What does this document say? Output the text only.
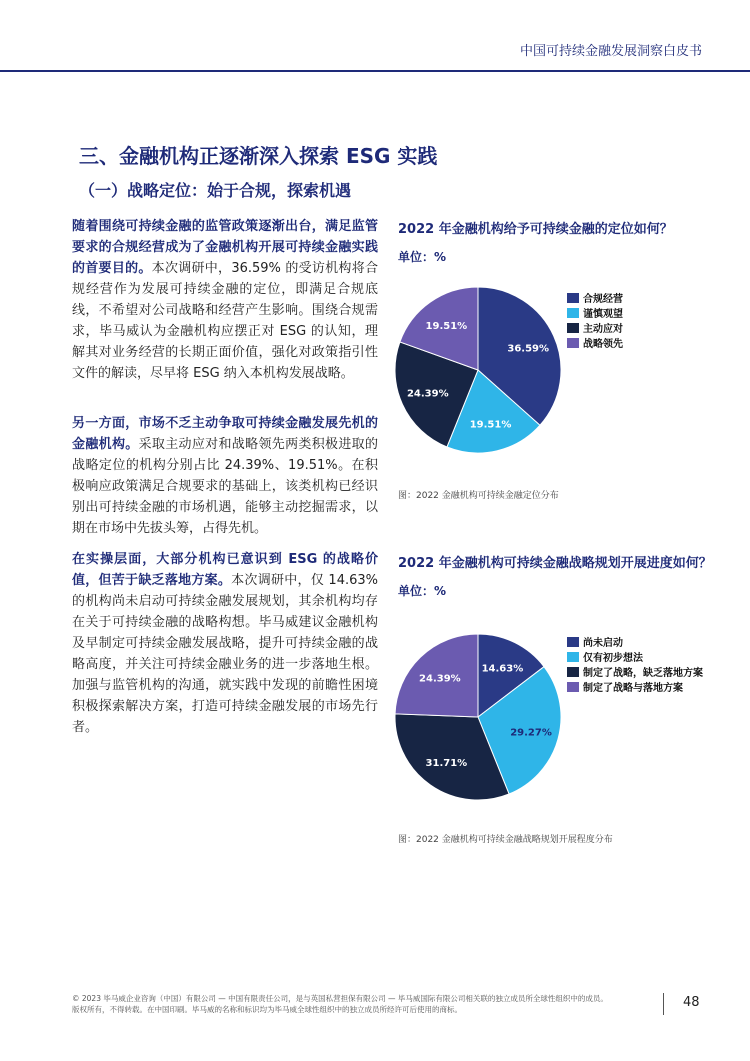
中国可持续金融发展洞察白皮书
三、金融机构正逐渐深入探索 ESG 实践
（一）战略定位：始于合规，探索机遇

随着围绕可持续金融的监管政策逐渐出台，满足监管要求的合规经营成为了金融机构开展可持续金融实践的首要目的。本次调研中，36.59% 的受访机构将合规经营作为发展可持续金融的定位，即满足合规底线，不希望对公司战略和经营产生影响。围绕合规需求，毕马威认为金融机构应摆正对 ESG 的认知，理解其对业务经营的长期正面价值，强化对政策指引性文件的解读，尽早将 ESG 纳入本机构发展战略。

另一方面，市场不乏主动争取可持续金融发展先机的金融机构。采取主动应对和战略领先两类积极进取的战略定位的机构分别占比 24.39%、19.51%。在积极响应政策满足合规要求的基础上，该类机构已经识别出可持续金融的市场机遇，能够主动挖掘需求，以期在市场中先拔头筹，占得先机。

在实操层面，大部分机构已意识到 ESG 的战略价值，但苦于缺乏落地方案。本次调研中，仅 14.63% 的机构尚未启动可持续金融发展规划，其余机构均存在关于可持续金融的战略构想。毕马威建议金融机构及早制定可持续金融发展战略，提升可持续金融的战略高度，并关注可持续金融业务的进一步落地生根。加强与监管机构的沟通，就实践中发现的前瞻性困境积极探索解决方案，打造可持续金融发展的市场先行者。

2022 年金融机构给予可持续金融的定位如何？
单位：%
36.59%
19.51%
24.39%
19.51%
合规经营
谨慎观望
主动应对
战略领先
图：2022 金融机构可持续金融定位分布
2022 年金融机构可持续金融战略规划开展进度如何？
单位：%
14.63%
29.27%
31.71%
24.39%
尚未启动
仅有初步想法
制定了战略，缺乏落地方案
制定了战略与落地方案
图：2022 金融机构可持续金融战略规划开展程度分布
© 2023 毕马威企业咨询（中国）有限公司 — 中国有限责任公司，是与英国私营担保有限公司 — 毕马威国际有限公司相关联的独立成员所全球性组织中的成员。
版权所有，不得转载。在中国印刷。毕马威的名称和标识均为毕马威全球性组织中的独立成员所经许可后使用的商标。	48
